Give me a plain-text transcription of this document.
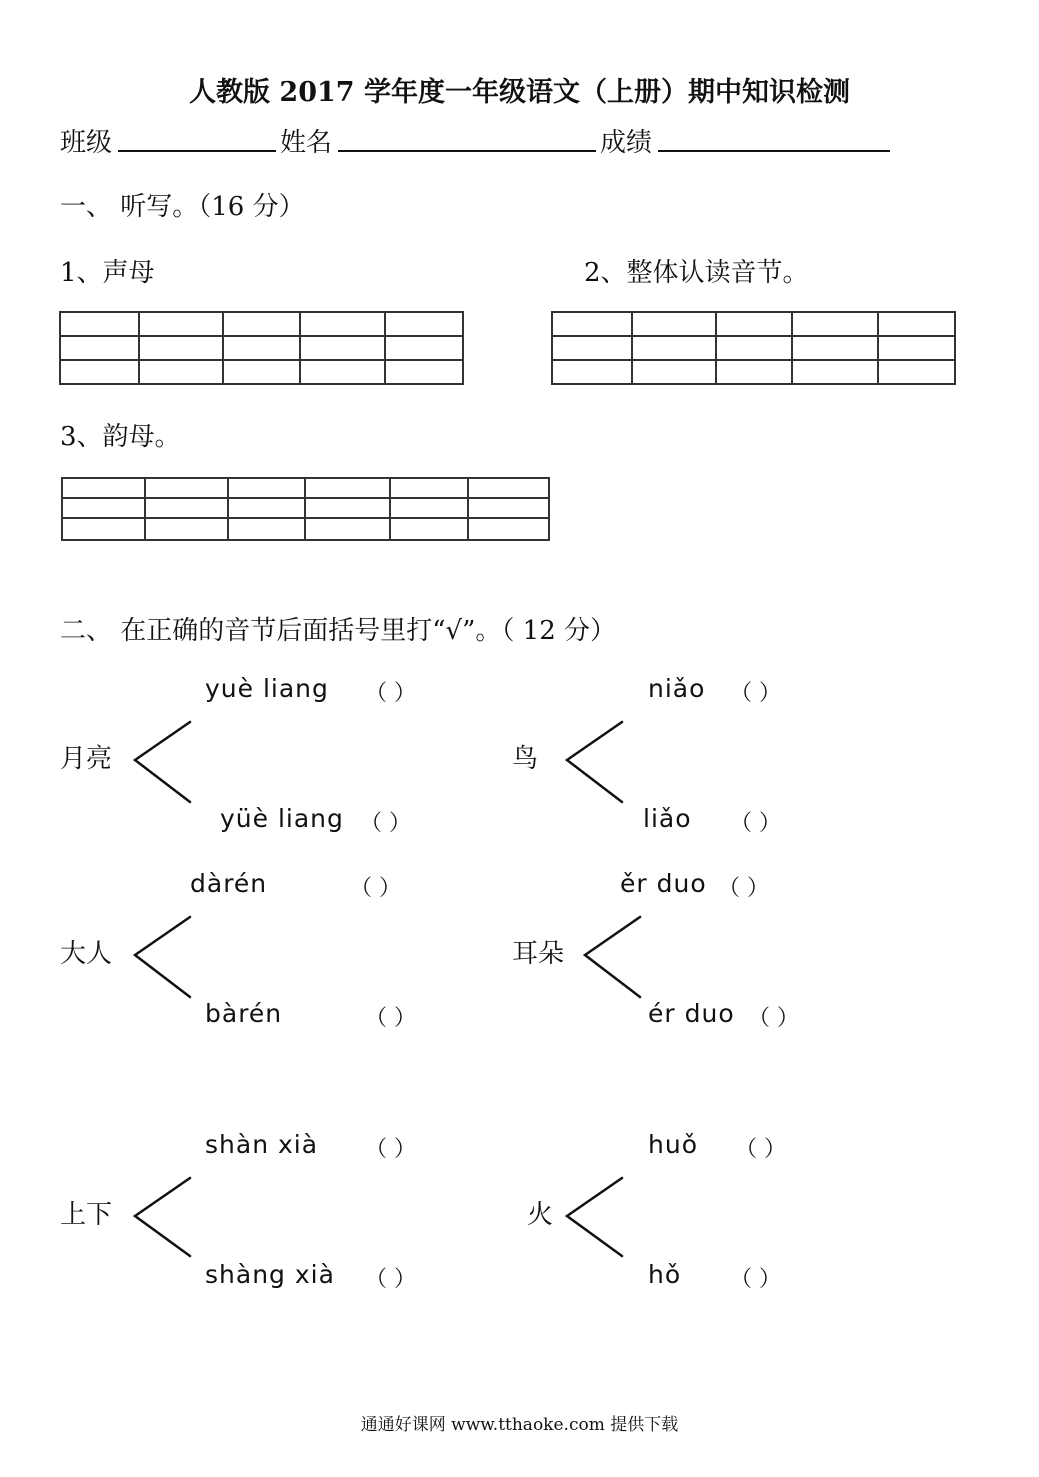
人教版 2017 学年度一年级语文（上册）期中知识检测
班级	姓名	成绩
一、 听写。（16 分）
1、声母	2、整体认读音节。
3、韵母。
二、 在正确的音节后面括号里打“√”。（ 12 分）
月亮
yuè liang （ ）
yüè liang （ ）
鸟
niǎo （ ）
liǎo （ ）
大人
dàrén	（ ）
bàrén	（ ）
耳朵
ěr duo （ ）
ér duo （ ）
上下
shàn xià （ ）
shàng xià （ ）
火
huǒ （ ）
hǒ （ ）
通通好课网 www.tthaoke.com 提供下载
